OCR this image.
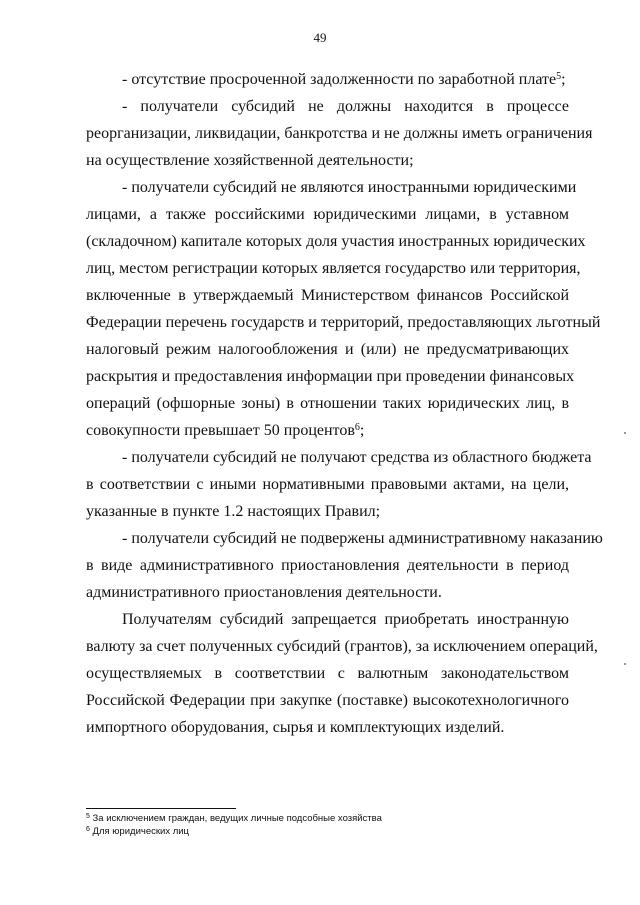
49
- отсутствие просроченной задолженности по заработной плате$^5$;
- получатели субсидий не должны находится в процессе
реорганизации, ликвидации, банкротства и не должны иметь ограничения
на осуществление хозяйственной деятельности;
- получатели субсидий не являются иностранными юридическими
лицами, а также российскими юридическими лицами, в уставном
(складочном) капитале которых доля участия иностранных юридических
лиц, местом регистрации которых является государство или территория,
включенные в утверждаемый Министерством финансов Российской
Федерации перечень государств и территорий, предоставляющих льготный
налоговый режим налогообложения и (или) не предусматривающих
раскрытия и предоставления информации при проведении финансовых
операций (офшорные зоны) в отношении таких юридических лиц, в
совокупности превышает 50 процентов$^6$;
- получатели субсидий не получают средства из областного бюджета
в соответствии с иными нормативными правовыми актами, на цели,
указанные в пункте 1.2 настоящих Правил;
- получатели субсидий не подвержены административному наказанию
в виде административного приостановления деятельности в период
административного приостановления деятельности.
Получателям субсидий запрещается приобретать иностранную
валюту за счет полученных субсидий (грантов), за исключением операций,
осуществляемых в соответствии с валютным законодательством
Российской Федерации при закупке (поставке) высокотехнологичного
импортного оборудования, сырья и комплектующих изделий.
$^5$ За исключением граждан, ведущих личные подсобные хозяйства
$^6$ Для юридических лиц
